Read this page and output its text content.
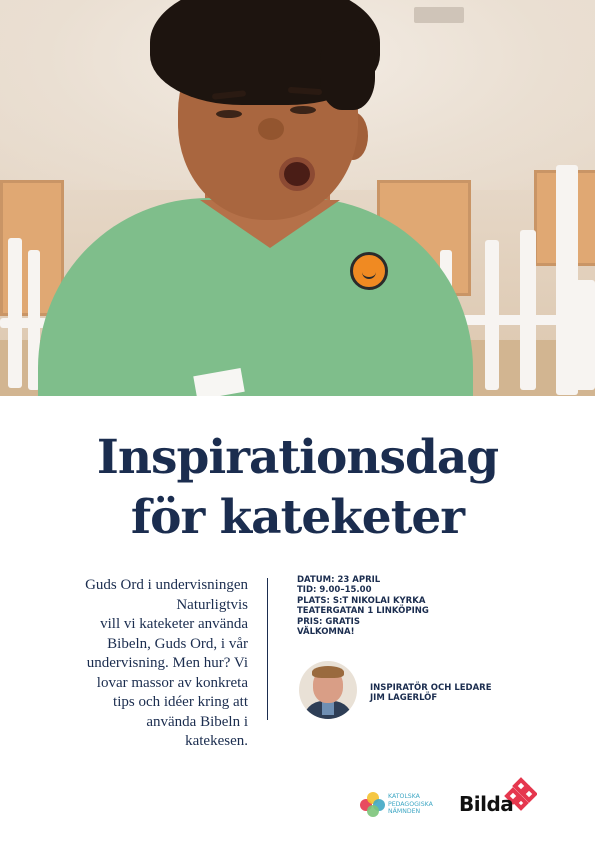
Inspirationsdag
för kateketer
Guds Ord i undervisningen
Naturligtvis
vill vi kateketer använda
Bibeln, Guds Ord, i vår
undervisning. Men hur? Vi
lovar massor av konkreta
tips och idéer kring att
använda Bibeln i
katekesen.
DATUM: 23 APRIL
TID: 9.00–15.00
PLATS: S:T NIKOLAI KYRKA
TEATERGATAN 1 LINKÖPING
PRIS: GRATIS
VÄLKOMNA!
INSPIRATÖR OCH LEDARE
JIM LAGERLÖF
KATOLSKA
PEDAGOGISKA
NÄMNDEN	Bilda
